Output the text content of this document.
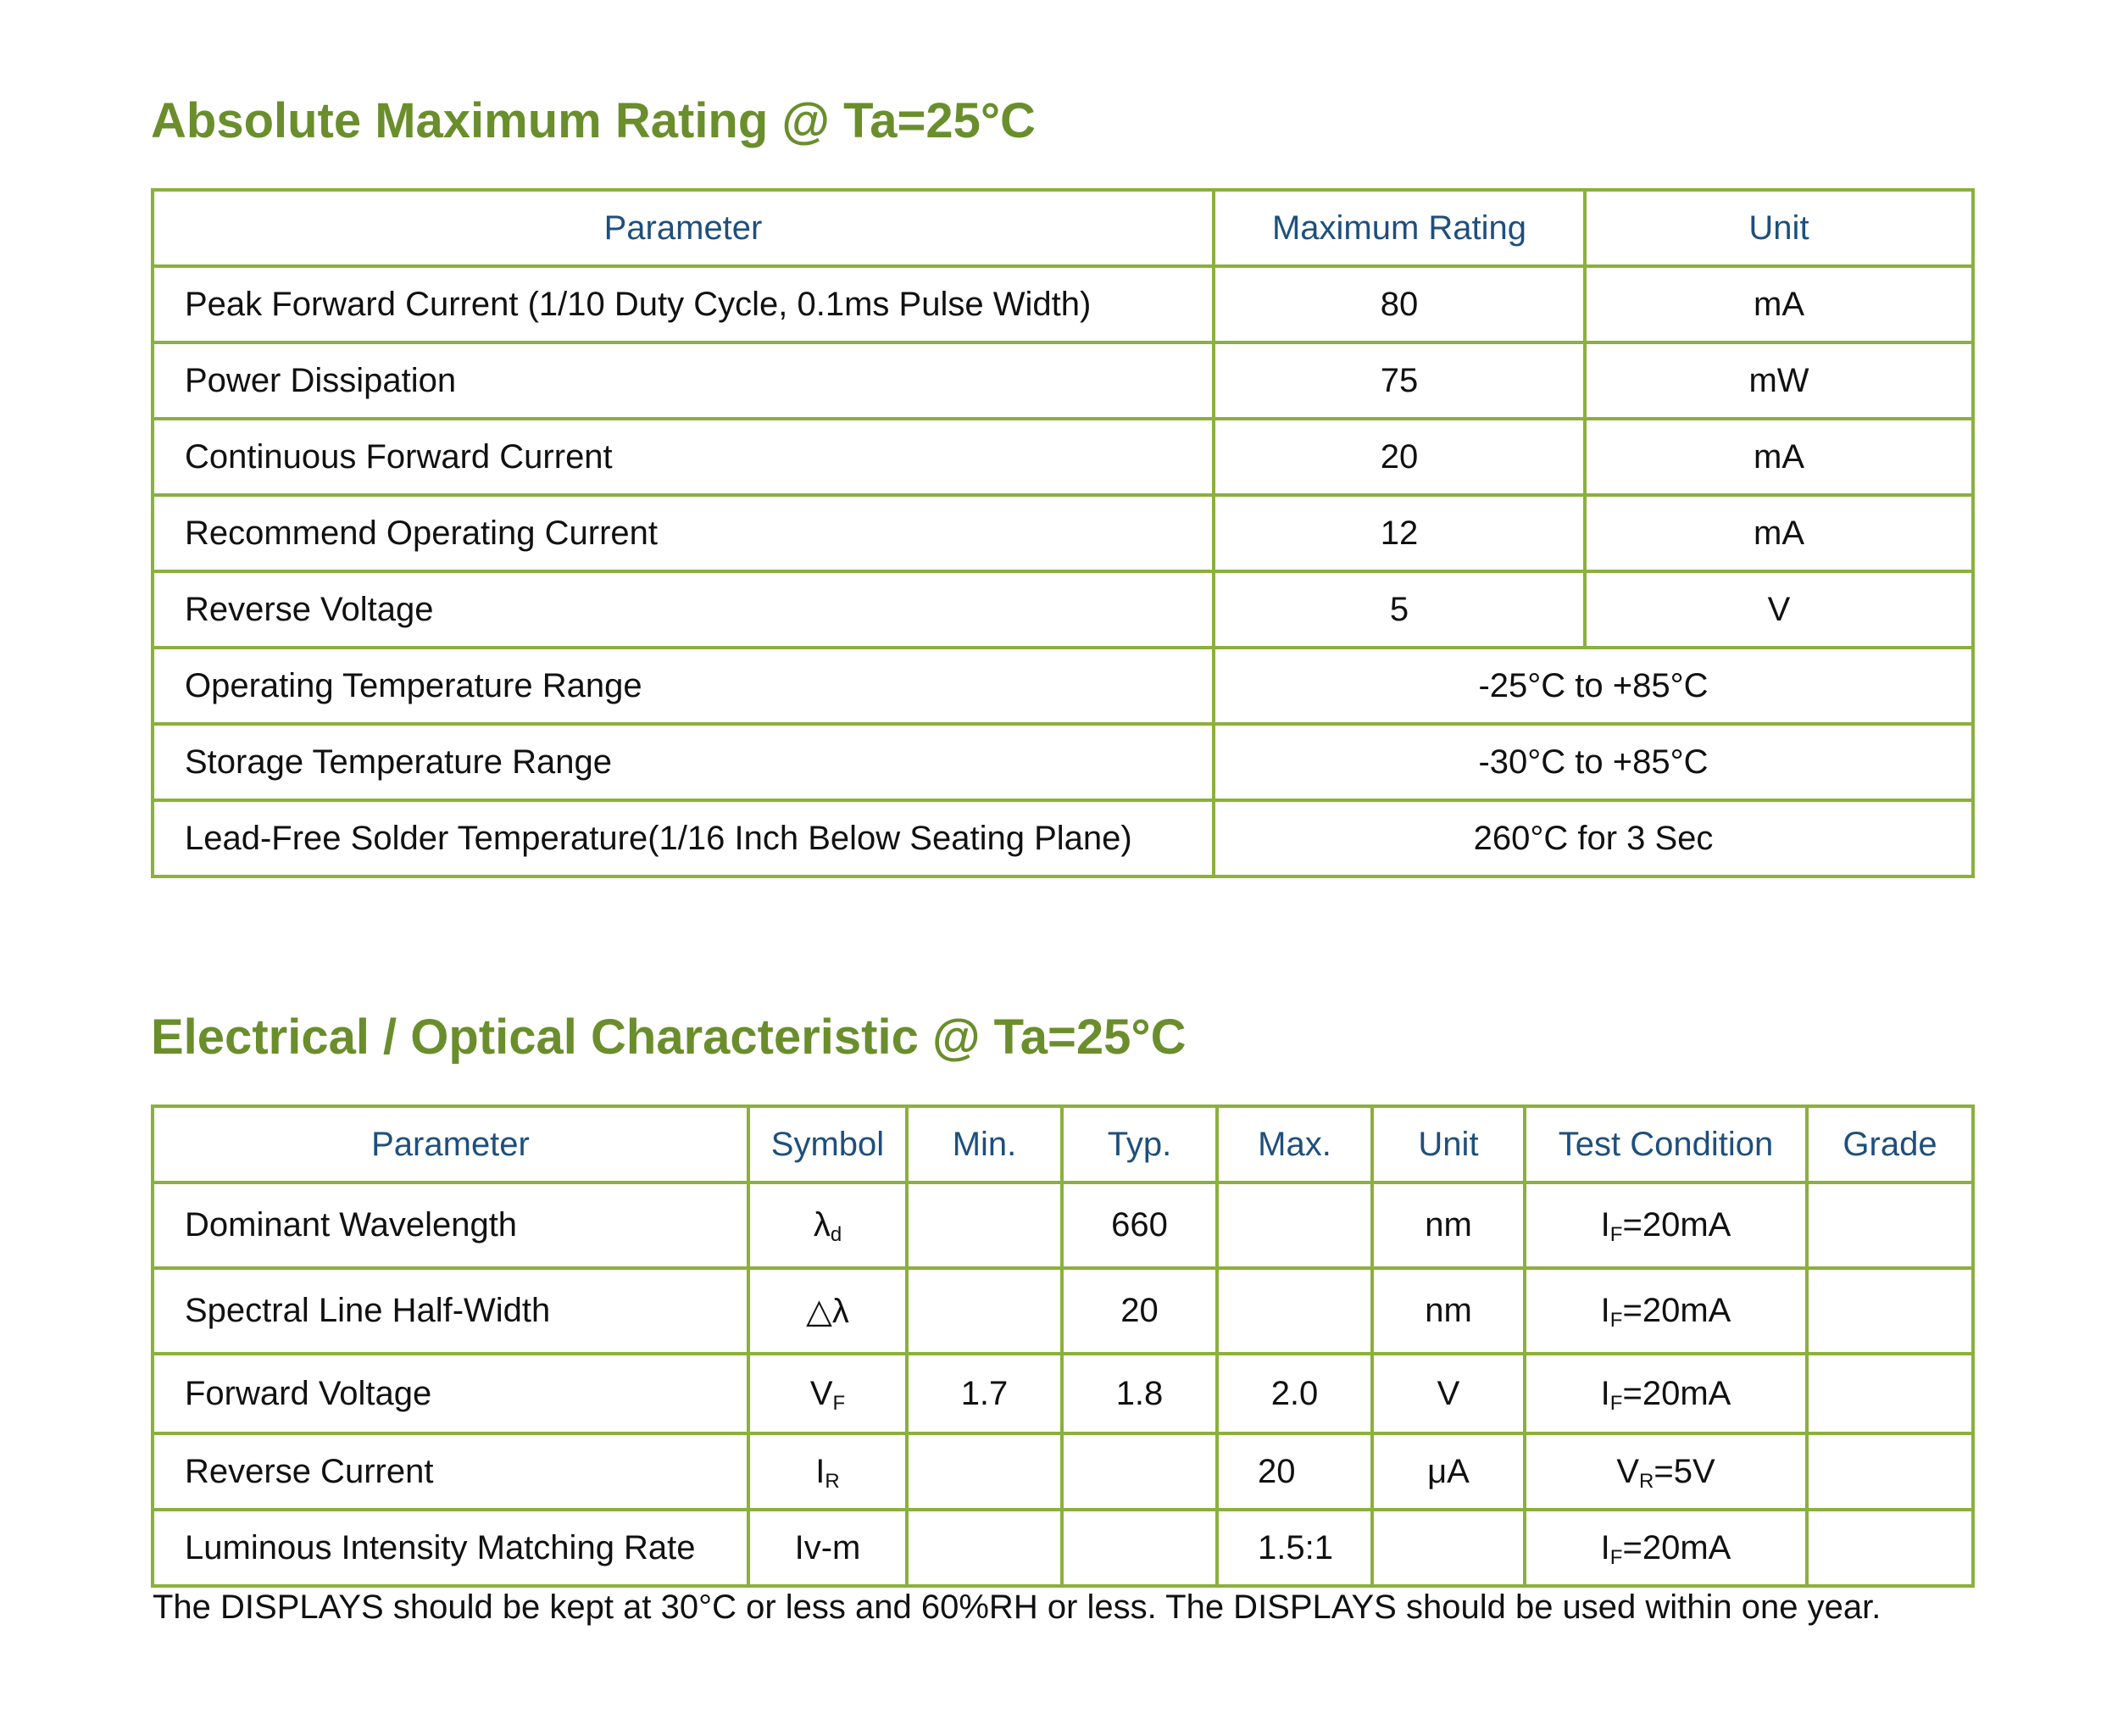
Absolute Maximum Rating @ Ta=25°C
Parameter	Maximum Rating	Unit
Peak Forward Current (1/10 Duty Cycle, 0.1ms Pulse Width)	80	mA
Power Dissipation	75	mW
Continuous Forward Current	20	mA
Recommend Operating Current	12	mA
Reverse Voltage	5	V
Operating Temperature Range	-25°C to +85°C	
Storage Temperature Range	-30°C to +85°C	
Lead-Free Solder Temperature(1/16 Inch Below Seating Plane)	260°C for 3 Sec	
Electrical / Optical Characteristic @ Ta=25°C
Parameter	Symbol	Min.	Typ.	Max.	Unit	Test Condition	Grade
Dominant Wavelength	$\lambda_d$		660		nm	$I_F=20mA$	
Spectral Line Half-Width	△λ		20		nm	$I_F=20mA$	
Forward Voltage	$V_F$	1.7	1.8	2.0	V	$I_F=20mA$	
Reverse Current	$I_R$			20	μA	$V_R=5V$	
Luminous Intensity Matching Rate	Iv-m			1.5:1		$I_F=20mA$	

The DISPLAYS should be kept at 30°C or less and 60%RH or less. The DISPLAYS should be used within one year.
